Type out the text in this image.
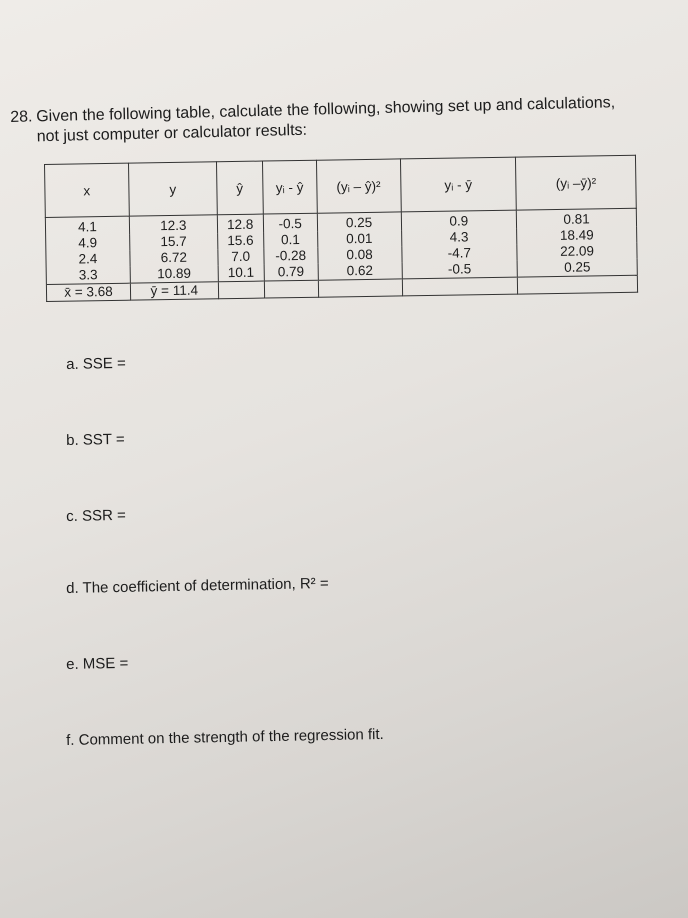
28. Given the following table, calculate the following, showing set up and calculations,
not just computer or calculator results:
x	y	ŷ	yᵢ - ŷ	(yᵢ – ŷ)²	yᵢ - ȳ	(yᵢ –ȳ)²
4.1	12.3	12.8	-0.5	0.25	0.9	0.81
4.9	15.7	15.6	0.1	0.01	4.3	18.49
2.4	6.72	7.0	-0.28	0.08	-4.7	22.09
3.3	10.89	10.1	0.79	0.62	-0.5	0.25
x̄ = 3.68	ȳ = 11.4					
a. SSE =
b. SST =
c. SSR =
d. The coefficient of determination, R² =
e. MSE =
f. Comment on the strength of the regression fit.
